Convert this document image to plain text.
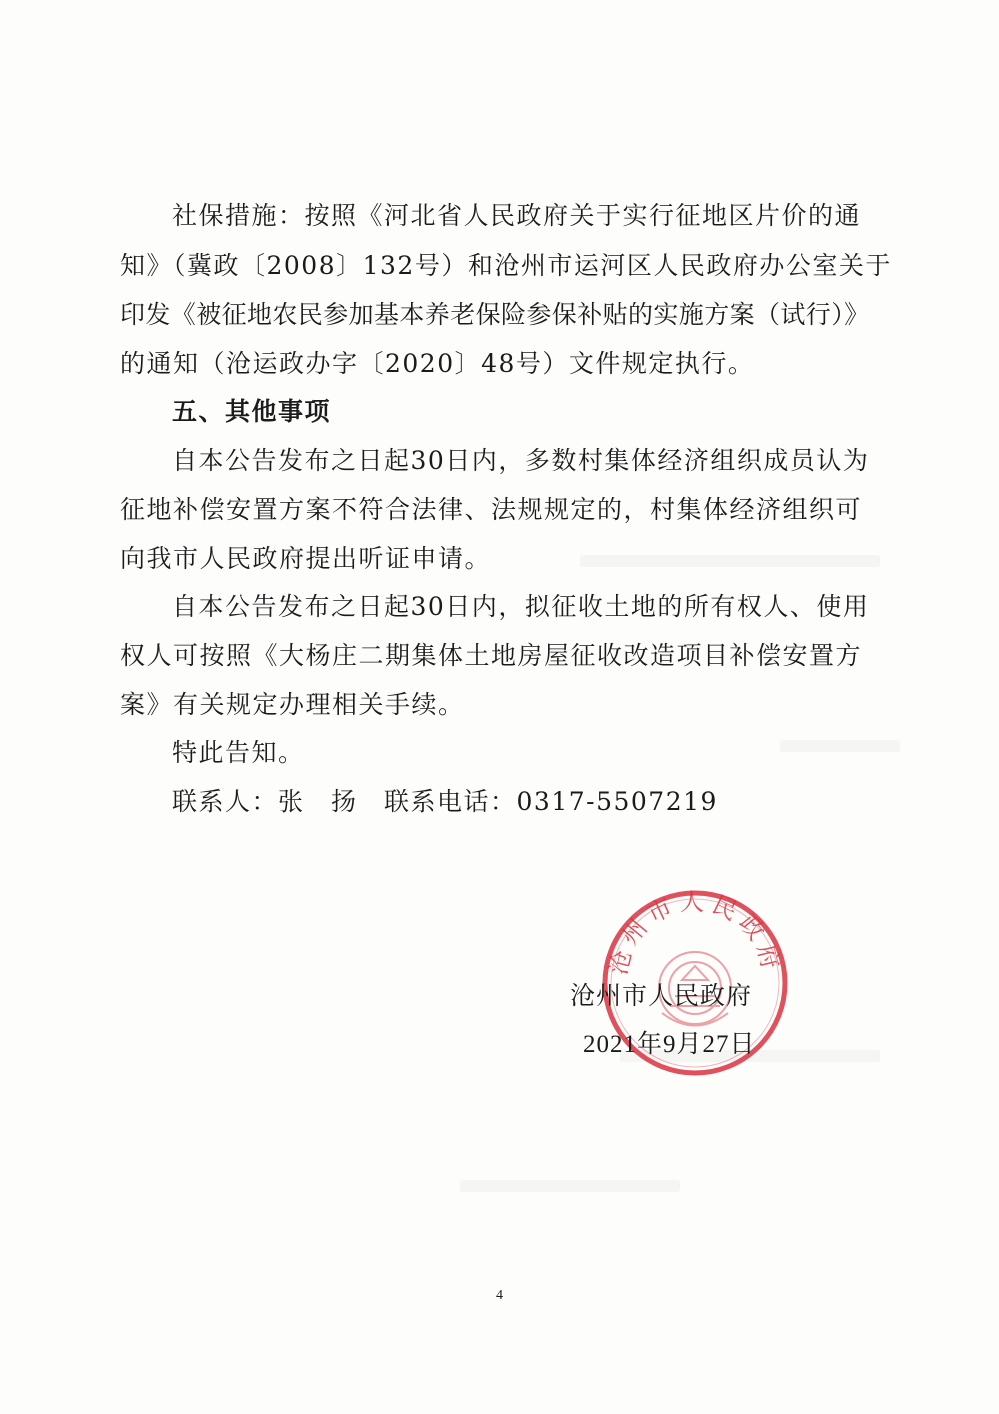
社保措施：按照《河北省人民政府关于实行征地区片价的通
知》（冀政〔2008〕132号）和沧州市运河区人民政府办公室关于
印发《被征地农民参加基本养老保险参保补贴的实施方案（试行）》
的通知（沧运政办字〔2020〕48号）文件规定执行。
五、其他事项
自本公告发布之日起30日内，多数村集体经济组织成员认为
征地补偿安置方案不符合法律、法规规定的，村集体经济组织可
向我市人民政府提出听证申请。
自本公告发布之日起30日内，拟征收土地的所有权人、使用
权人可按照《大杨庄二期集体土地房屋征收改造项目补偿安置方
案》有关规定办理相关手续。
特此告知。
联系人：张　扬　联系电话：0317-5507219
沧州市人民政府
沧州市人民政府
2021年9月27日
4
